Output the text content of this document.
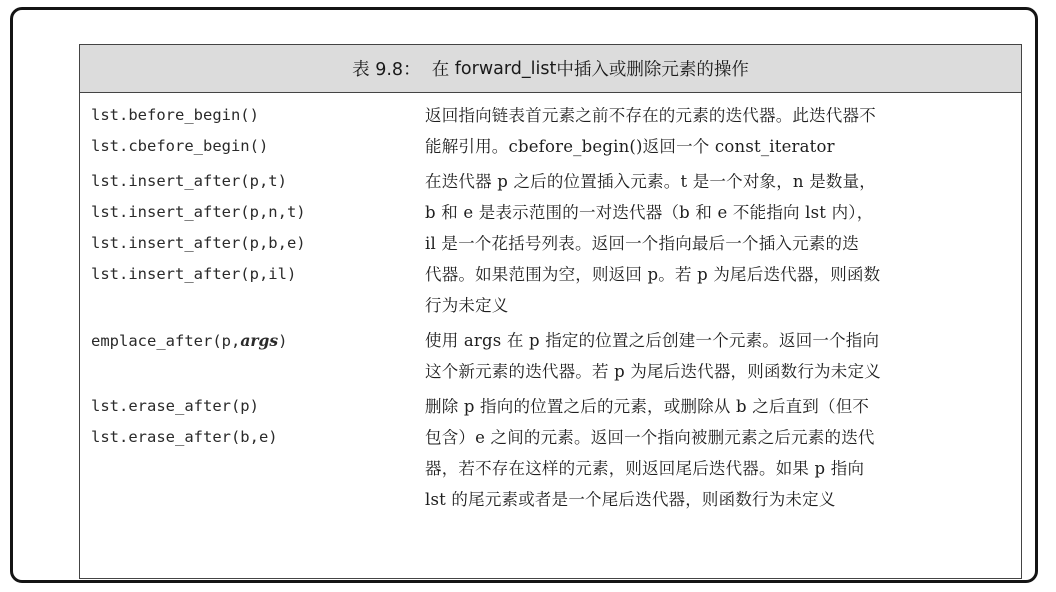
表 9.8 ：  在 forward_list 中插入或删除元素的操作
lst.before_begin()
lst.cbefore_begin()
返回指向链表首元素之前不存在的元素的迭代器。此迭代器不
能解引用。cbefore_begin()返回一个 const_iterator
lst.insert_after(p,t)
lst.insert_after(p,n,t)
lst.insert_after(p,b,e)
lst.insert_after(p,il)
在迭代器 p 之后的位置插入元素。t 是一个对象，n 是数量，
b 和 e 是表示范围的一对迭代器（b 和 e 不能指向 lst 内），
il 是一个花括号列表。返回一个指向最后一个插入元素的迭
代器。如果范围为空，则返回 p。若 p 为尾后迭代器，则函数
行为未定义
emplace_after(p,args)	使用 args 在 p 指定的位置之后创建一个元素。返回一个指向
这个新元素的迭代器。若 p 为尾后迭代器，则函数行为未定义
lst.erase_after(p)
lst.erase_after(b,e)
删除 p 指向的位置之后的元素，或删除从 b 之后直到（但不
包含）e 之间的元素。返回一个指向被删元素之后元素的迭代
器，若不存在这样的元素，则返回尾后迭代器。如果 p 指向
lst 的尾元素或者是一个尾后迭代器，则函数行为未定义
